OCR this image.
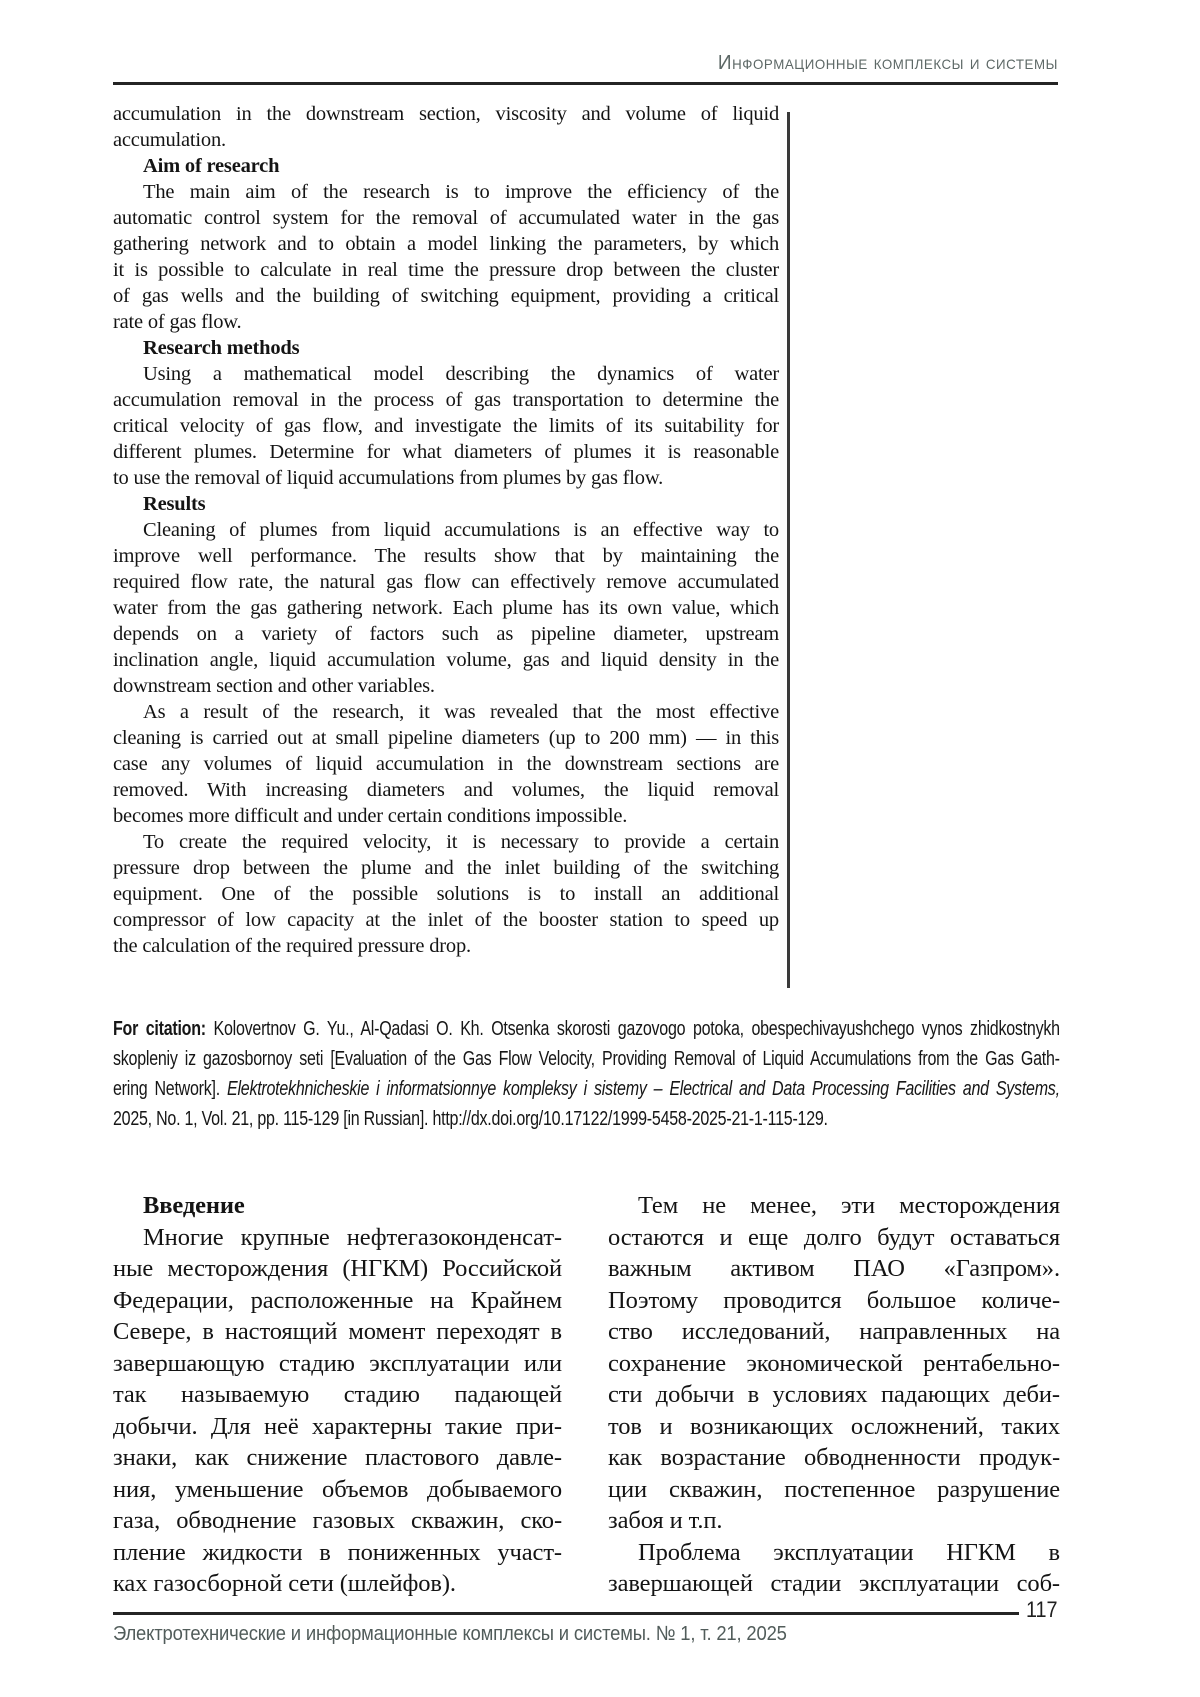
Информационные комплексы и системы
accumulation in the downstream section, viscosity and volume of liquid
accumulation.
Aim of research
The main aim of the research is to improve the efficiency of the
automatic control system for the removal of accumulated water in the gas
gathering network and to obtain a model linking the parameters, by which
it is possible to calculate in real time the pressure drop between the cluster
of gas wells and the building of switching equipment, providing a critical
rate of gas flow.
Research methods
Using a mathematical model describing the dynamics of water
accumulation removal in the process of gas transportation to determine the
critical velocity of gas flow, and investigate the limits of its suitability for
different plumes. Determine for what diameters of plumes it is reasonable
to use the removal of liquid accumulations from plumes by gas flow.
Results
Cleaning of plumes from liquid accumulations is an effective way to
improve well performance. The results show that by maintaining the
required flow rate, the natural gas flow can effectively remove accumulated
water from the gas gathering network. Each plume has its own value, which
depends on a variety of factors such as pipeline diameter, upstream
inclination angle, liquid accumulation volume, gas and liquid density in the
downstream section and other variables.
As a result of the research, it was revealed that the most effective
cleaning is carried out at small pipeline diameters (up to 200 mm) — in this
case any volumes of liquid accumulation in the downstream sections are
removed. With increasing diameters and volumes, the liquid removal
becomes more difficult and under certain conditions impossible.
To create the required velocity, it is necessary to provide a certain
pressure drop between the plume and the inlet building of the switching
equipment. One of the possible solutions is to install an additional
compressor of low capacity at the inlet of the booster station to speed up
the calculation of the required pressure drop.
For citation: Kolovertnov G. Yu., Al-Qadasi O. Kh. Otsenka skorosti gazovogo potoka, obespechivayushchego vynos zhidkostnykh
skopleniy iz gazosbornoy seti [Evaluation of the Gas Flow Velocity, Providing Removal of Liquid Accumulations from the Gas Gath-
ering Network]. Elektrotekhnicheskie i informatsionnye kompleksy i sistemy – Electrical and Data Processing Facilities and Systems,
2025, No. 1, Vol. 21, pp. 115-129 [in Russian]. http://dx.doi.org/10.17122/1999-5458-2025-21-1-115-129.
Введение
Многие крупные нефтегазоконденсат-
ные месторождения (НГКМ) Российской
Федерации, расположенные на Крайнем
Севере, в настоящий момент переходят в
завершающую стадию эксплуатации или
так называемую стадию падающей
добычи. Для неё характерны такие при-
знаки, как снижение пластового давле-
ния, уменьшение объемов добываемого
газа, обводнение газовых скважин, ско-
пление жидкости в пониженных участ-
ках газосборной сети (шлейфов).
Тем не менее, эти месторождения
остаются и еще долго будут оставаться
важным активом ПАО «Газпром».
Поэтому проводится большое количе-
ство исследований, направленных на
сохранение экономической рентабельно-
сти добычи в условиях падающих деби-
тов и возникающих осложнений, таких
как возрастание обводненности продук-
ции скважин, постепенное разрушение
забоя и т.п.
Проблема эксплуатации НГКМ в
завершающей стадии эксплуатации соб-
117
Электротехнические и информационные комплексы и системы. № 1, т. 21, 2025
